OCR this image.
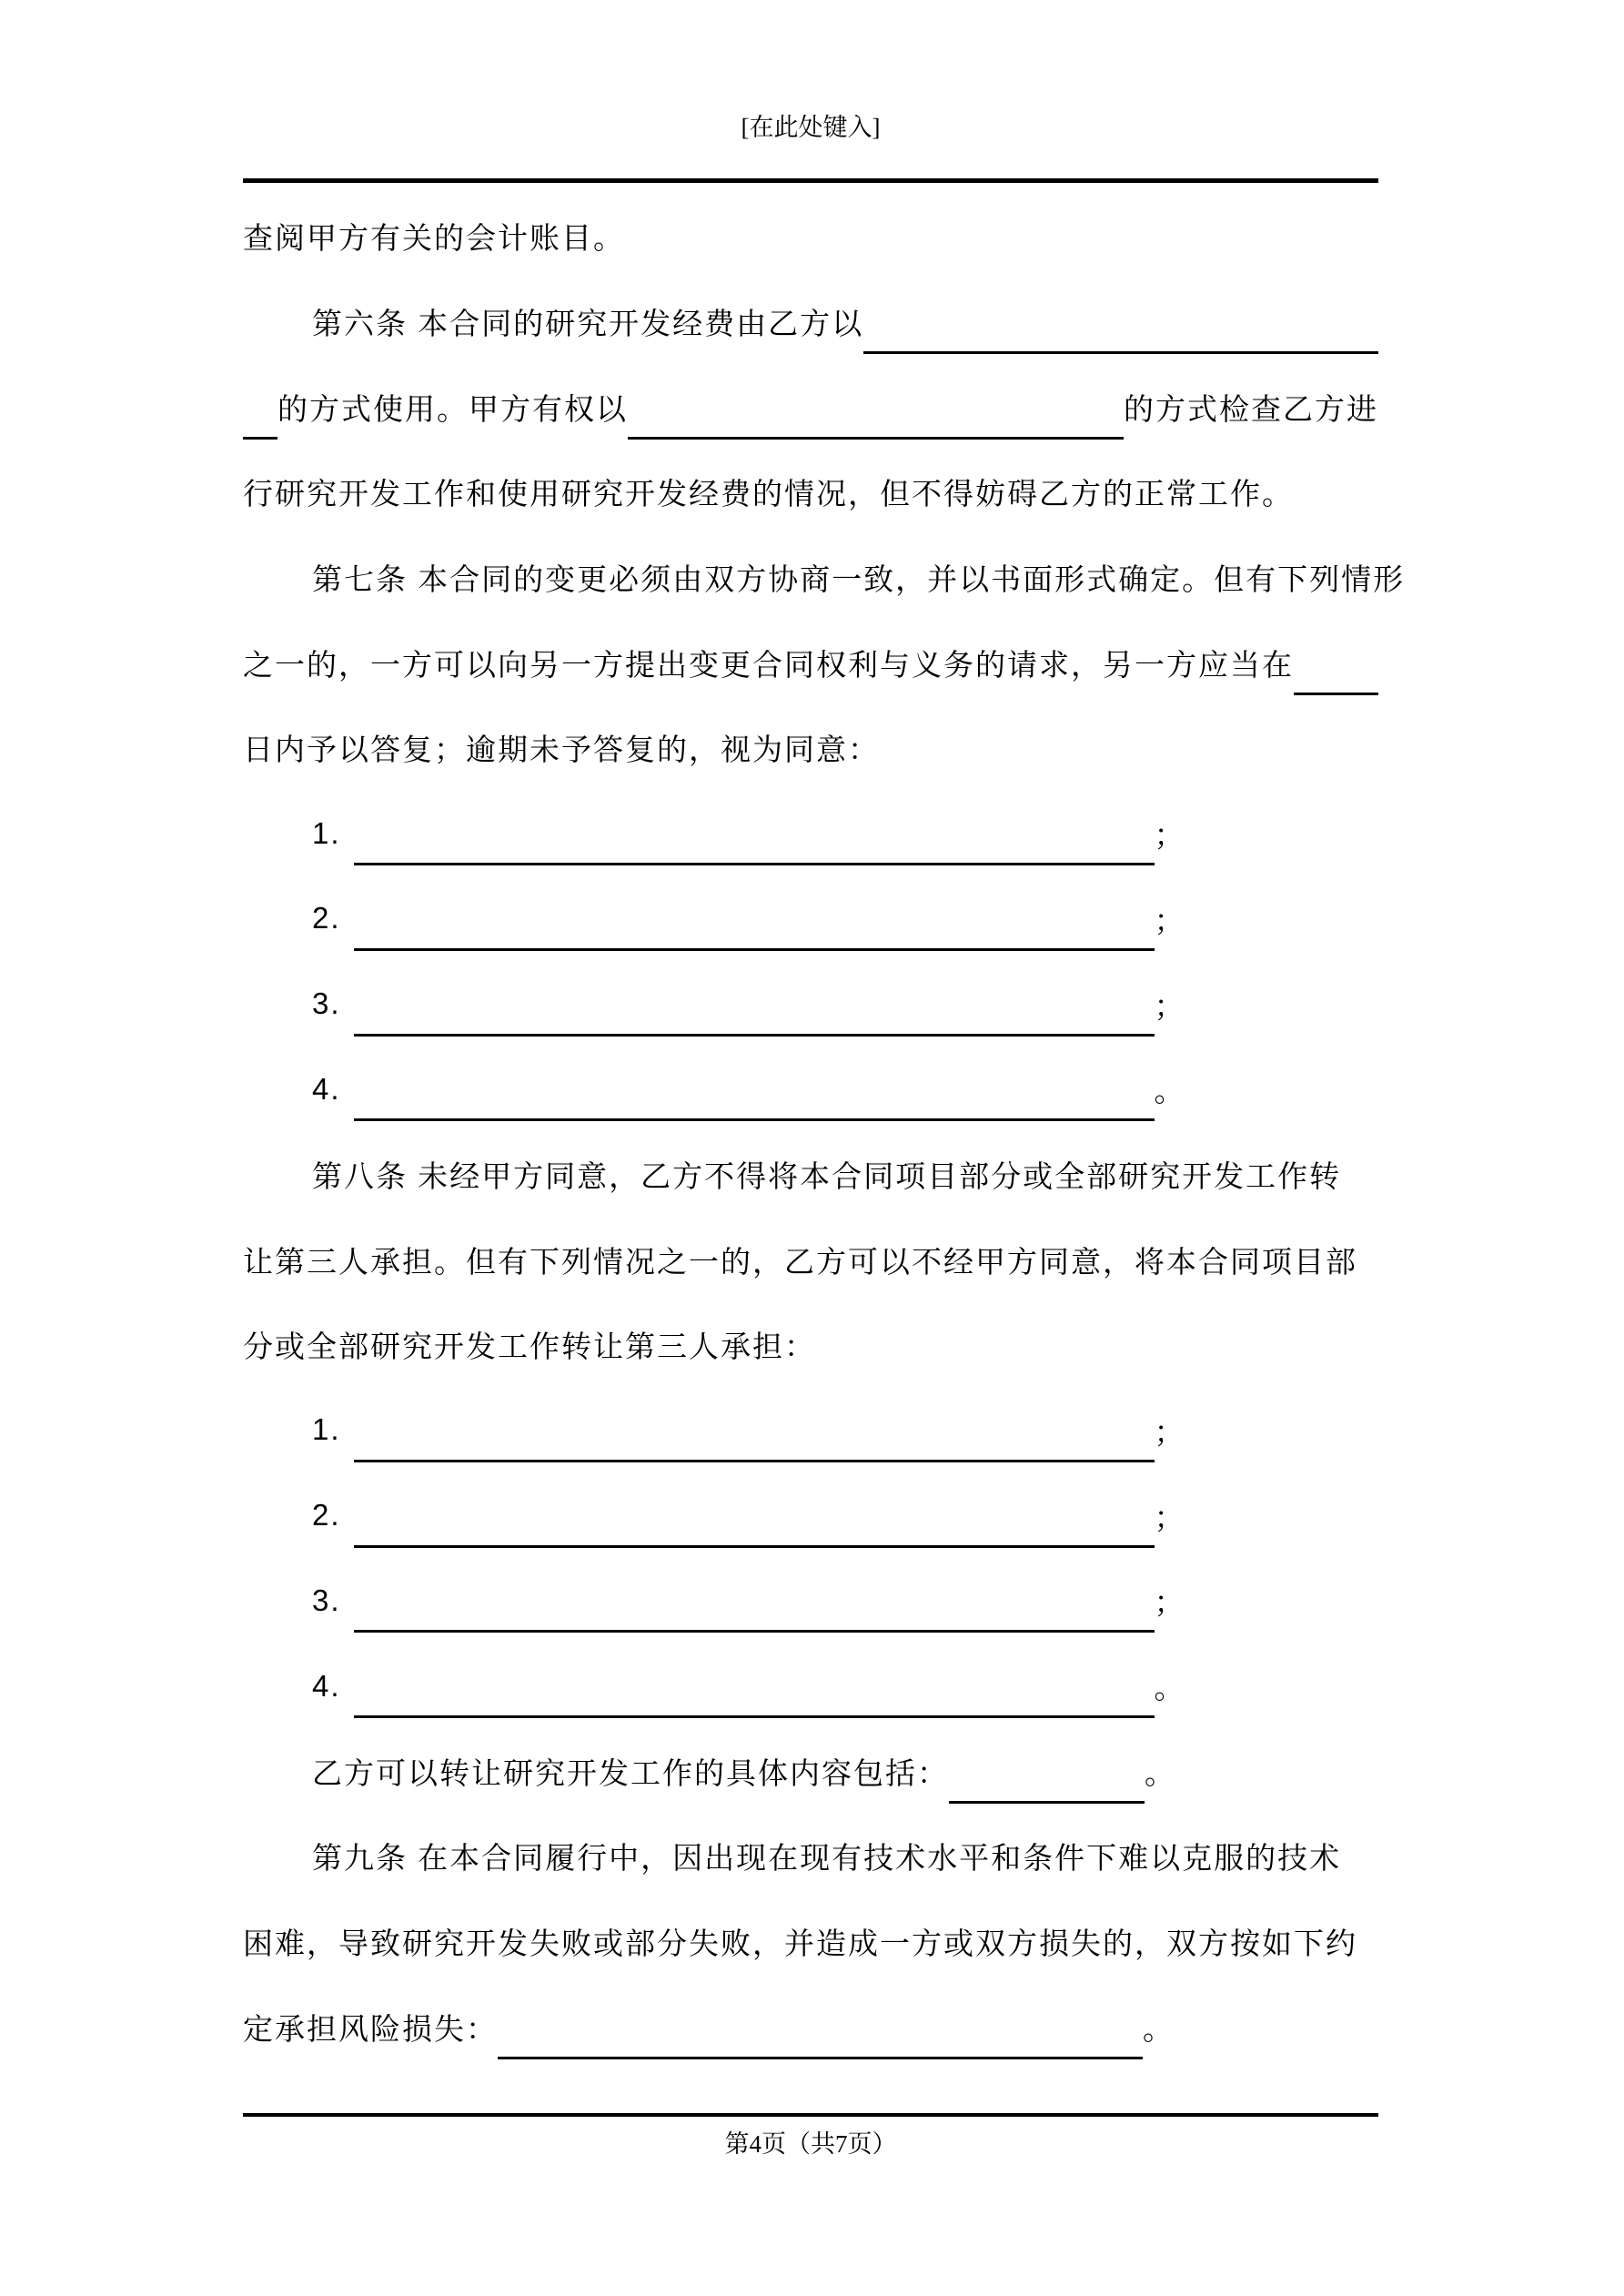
[在此处键入]
查阅甲方有关的会计账目。
第六条 本合同的研究开发经费由乙方以
的方式使用。甲方有权以	的方式检查乙方进
行研究开发工作和使用研究开发经费的情况，但不得妨碍乙方的正常工作。
第七条 本合同的变更必须由双方协商一致，并以书面形式确定。但有下列情形
之一的，一方可以向另一方提出变更合同权利与义务的请求，另一方应当在
日内予以答复；逾期未予答复的，视为同意：
1.	；
2.	；
3.	；
4.	。
第八条 未经甲方同意，乙方不得将本合同项目部分或全部研究开发工作转
让第三人承担。但有下列情况之一的，乙方可以不经甲方同意，将本合同项目部
分或全部研究开发工作转让第三人承担：
1.	；
2.	；
3.	；
4.	。
乙方可以转让研究开发工作的具体内容包括：	。
第九条 在本合同履行中，因出现在现有技术水平和条件下难以克服的技术
困难，导致研究开发失败或部分失败，并造成一方或双方损失的，双方按如下约
定承担风险损失：	。
第4页（共7页）
